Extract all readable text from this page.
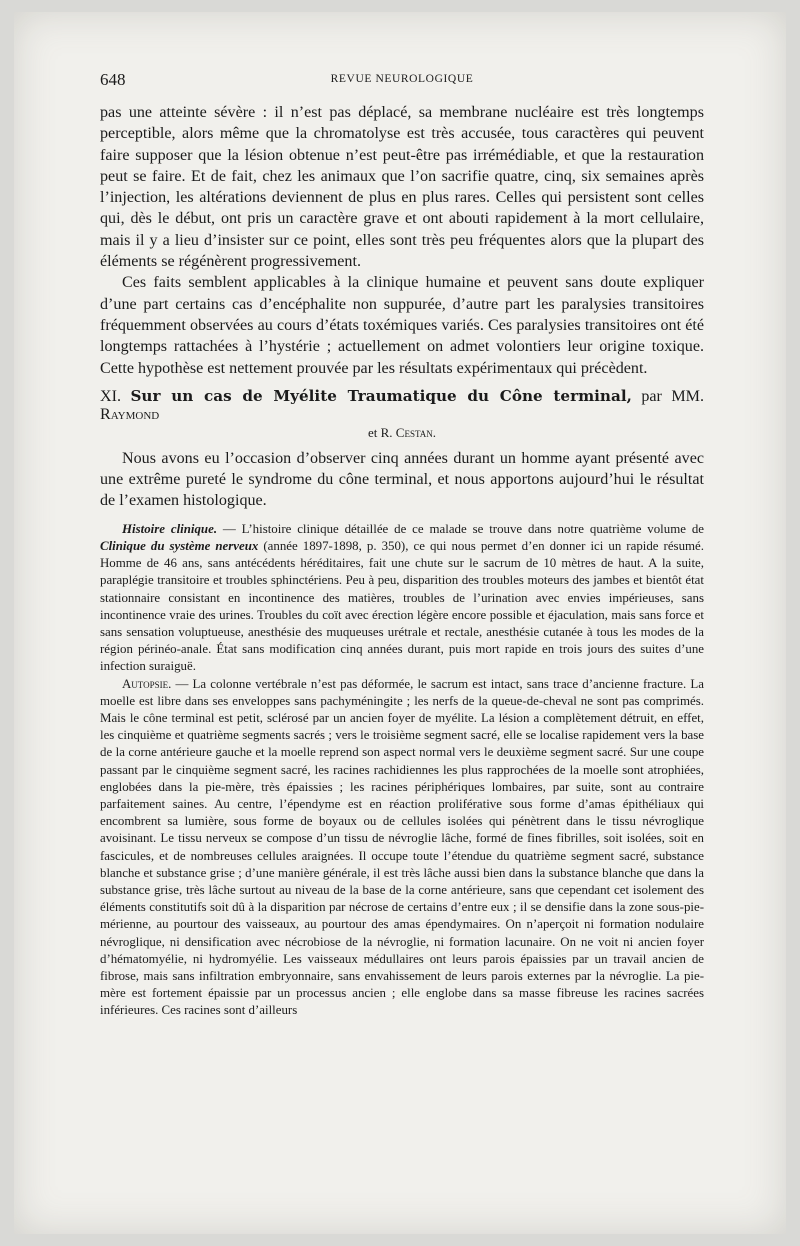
648	REVUE NEUROLOGIQUE

pas une atteinte sévère : il n’est pas déplacé, sa membrane nucléaire est très longtemps perceptible, alors même que la chromatolyse est très accusée, tous caractères qui peuvent faire supposer que la lésion obtenue n’est peut-être pas irrémédiable, et que la restauration peut se faire. Et de fait, chez les animaux que l’on sacrifie quatre, cinq, six semaines après l’injection, les altérations deviennent de plus en plus rares. Celles qui persistent sont celles qui, dès le début, ont pris un caractère grave et ont abouti rapidement à la mort cellulaire, mais il y a lieu d’insister sur ce point, elles sont très peu fréquentes alors que la plupart des éléments se régénèrent progressivement.

Ces faits semblent applicables à la clinique humaine et peuvent sans doute expliquer d’une part certains cas d’encéphalite non suppurée, d’autre part les paralysies transitoires fréquemment observées au cours d’états toxémiques variés. Ces paralysies transitoires ont été longtemps rattachées à l’hystérie ; actuellement on admet volontiers leur origine toxique. Cette hypothèse est nettement prouvée par les résultats expérimentaux qui précèdent.

XI. Sur un cas de Myélite Traumatique du Cône terminal, par MM. Raymond

et R. Cestan.

Nous avons eu l’occasion d’observer cinq années durant un homme ayant présenté avec une extrême pureté le syndrome du cône terminal, et nous apportons aujourd’hui le résultat de l’examen histologique.

Histoire clinique. — L’histoire clinique détaillée de ce malade se trouve dans notre quatrième volume de Clinique du système nerveux (année 1897-1898, p. 350), ce qui nous permet d’en donner ici un rapide résumé. Homme de 46 ans, sans antécédents héréditaires, fait une chute sur le sacrum de 10 mètres de haut. A la suite, paraplégie transitoire et troubles sphinctériens. Peu à peu, disparition des troubles moteurs des jambes et bientôt état stationnaire consistant en incontinence des matières, troubles de l’urination avec envies impérieuses, sans incontinence vraie des urines. Troubles du coït avec érection légère encore possible et éjaculation, mais sans force et sans sensation voluptueuse, anesthésie des muqueuses urétrale et rectale, anesthésie cutanée à tous les modes de la région périnéo-anale. État sans modification cinq années durant, puis mort rapide en trois jours des suites d’une infection suraiguë.

Autopsie. — La colonne vertébrale n’est pas déformée, le sacrum est intact, sans trace d’ancienne fracture. La moelle est libre dans ses enveloppes sans pachyméningite ; les nerfs de la queue-de-cheval ne sont pas comprimés. Mais le cône terminal est petit, sclérosé par un ancien foyer de myélite. La lésion a complètement détruit, en effet, les cinquième et quatrième segments sacrés ; vers le troisième segment sacré, elle se localise rapidement vers la base de la corne antérieure gauche et la moelle reprend son aspect normal vers le deuxième segment sacré. Sur une coupe passant par le cinquième segment sacré, les racines rachidiennes les plus rapprochées de la moelle sont atrophiées, englobées dans la pie-mère, très épaissies ; les racines périphériques lombaires, par suite, sont au contraire parfaitement saines. Au centre, l’épendyme est en réaction proliférative sous forme d’amas épithéliaux qui encombrent sa lumière, sous forme de boyaux ou de cellules isolées qui pénètrent dans le tissu névroglique avoisinant. Le tissu nerveux se compose d’un tissu de névroglie lâche, formé de fines fibrilles, soit isolées, soit en fascicules, et de nombreuses cellules araignées. Il occupe toute l’étendue du quatrième segment sacré, substance blanche et substance grise ; d’une manière générale, il est très lâche aussi bien dans la substance blanche que dans la substance grise, très lâche surtout au niveau de la base de la corne antérieure, sans que cependant cet isolement des éléments constitutifs soit dû à la disparition par nécrose de certains d’entre eux ; il se densifie dans la zone sous-pie-mérienne, au pourtour des vaisseaux, au pourtour des amas épendymaires. On n’aperçoit ni formation nodulaire névroglique, ni densification avec nécrobiose de la névroglie, ni formation lacunaire. On ne voit ni ancien foyer d’hématomyélie, ni hydromyélie. Les vaisseaux médullaires ont leurs parois épaissies par un travail ancien de fibrose, mais sans infiltration embryonnaire, sans envahissement de leurs parois externes par la névroglie. La pie-mère est fortement épaissie par un processus ancien ; elle englobe dans sa masse fibreuse les racines sacrées inférieures. Ces racines sont d’ailleurs
